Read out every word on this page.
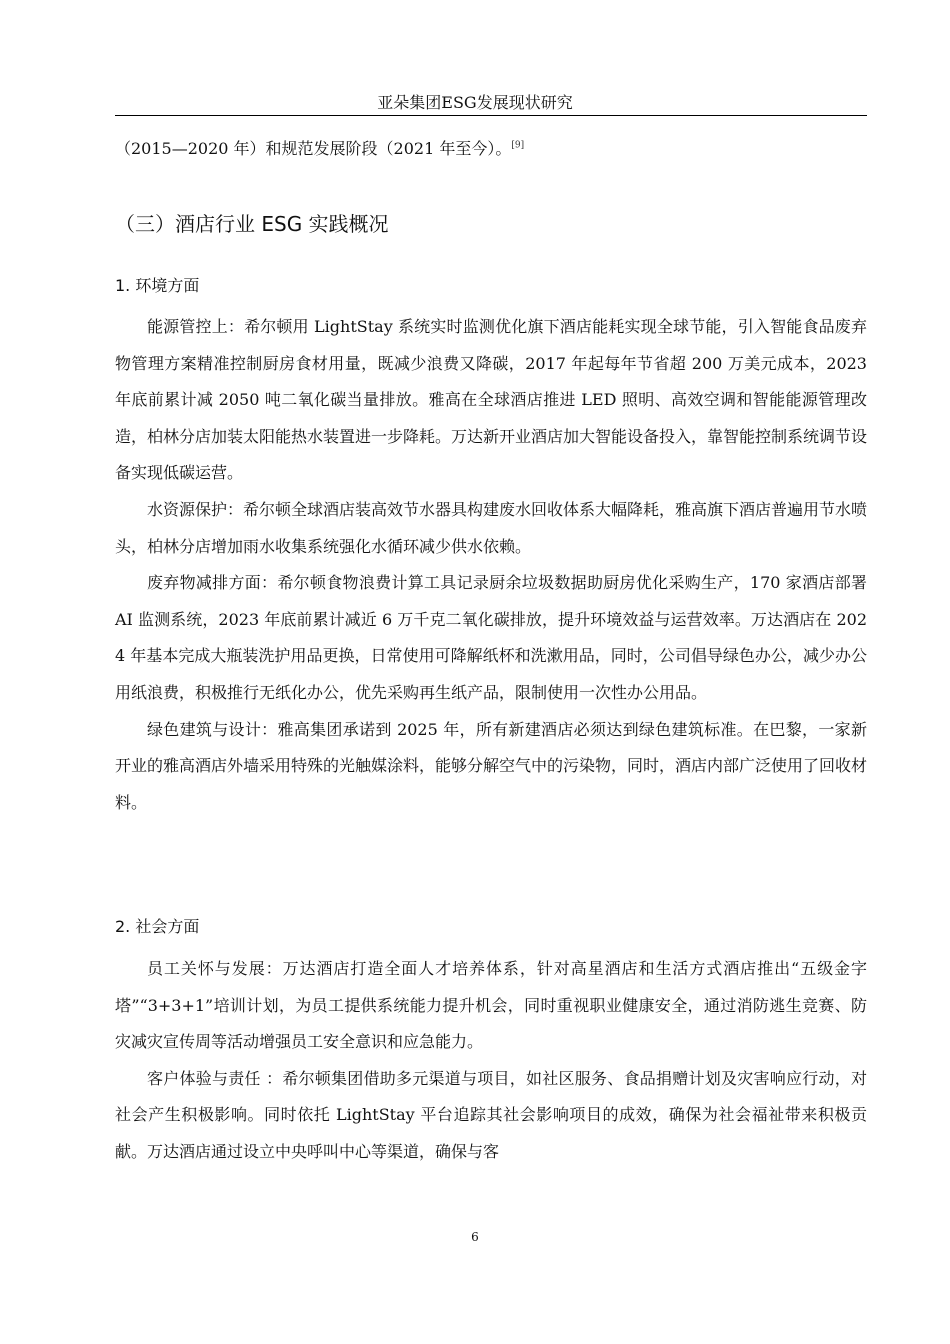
亚朵集团ESG发展现状研究
（2015—2020 年）和规范发展阶段（2021 年至今）。[9]
（三）酒店行业 ESG 实践概况
1. 环境方面

能源管控上：希尔顿用 LightStay 系统实时监测优化旗下酒店能耗实现全球节能，引入智能食品废弃物管理方案精准控制厨房食材用量，既减少浪费又降碳，2017 年起每年节省超 200 万美元成本，2023 年底前累计减 2050 吨二氧化碳当量排放。雅高在全球酒店推进 LED 照明、高效空调和智能能源管理改造，柏林分店加装太阳能热水装置进一步降耗。万达新开业酒店加大智能设备投入，靠智能控制系统调节设备实现低碳运营。

水资源保护：希尔顿全球酒店装高效节水器具构建废水回收体系大幅降耗，雅高旗下酒店普遍用节水喷头，柏林分店增加雨水收集系统强化水循环减少供水依赖。

废弃物减排方面：希尔顿食物浪费计算工具记录厨余垃圾数据助厨房优化采购生产，170 家酒店部署 AI 监测系统，2023 年底前累计减近 6 万千克二氧化碳排放，提升环境效益与运营效率。万达酒店在 2024 年基本完成大瓶装洗护用品更换，日常使用可降解纸杯和洗漱用品，同时，公司倡导绿色办公，减少办公用纸浪费，积极推行无纸化办公，优先采购再生纸产品，限制使用一次性办公用品。

绿色建筑与设计：雅高集团承诺到 2025 年，所有新建酒店必须达到绿色建筑标准。在巴黎，一家新开业的雅高酒店外墙采用特殊的光触媒涂料，能够分解空气中的污染物，同时，酒店内部广泛使用了回收材料。

2. 社会方面

员工关怀与发展：万达酒店打造全面人才培养体系，针对高星酒店和生活方式酒店推出“五级金字塔”“3+3+1”培训计划，为员工提供系统能力提升机会，同时重视职业健康安全，通过消防逃生竞赛、防灾减灾宣传周等活动增强员工安全意识和应急能力。

客户体验与责任 ：希尔顿集团借助多元渠道与项目，如社区服务、食品捐赠计划及灾害响应行动，对社会产生积极影响。同时依托 LightStay 平台追踪其社会影响项目的成效，确保为社会福祉带来积极贡献。万达酒店通过设立中央呼叫中心等渠道，确保与客

6
